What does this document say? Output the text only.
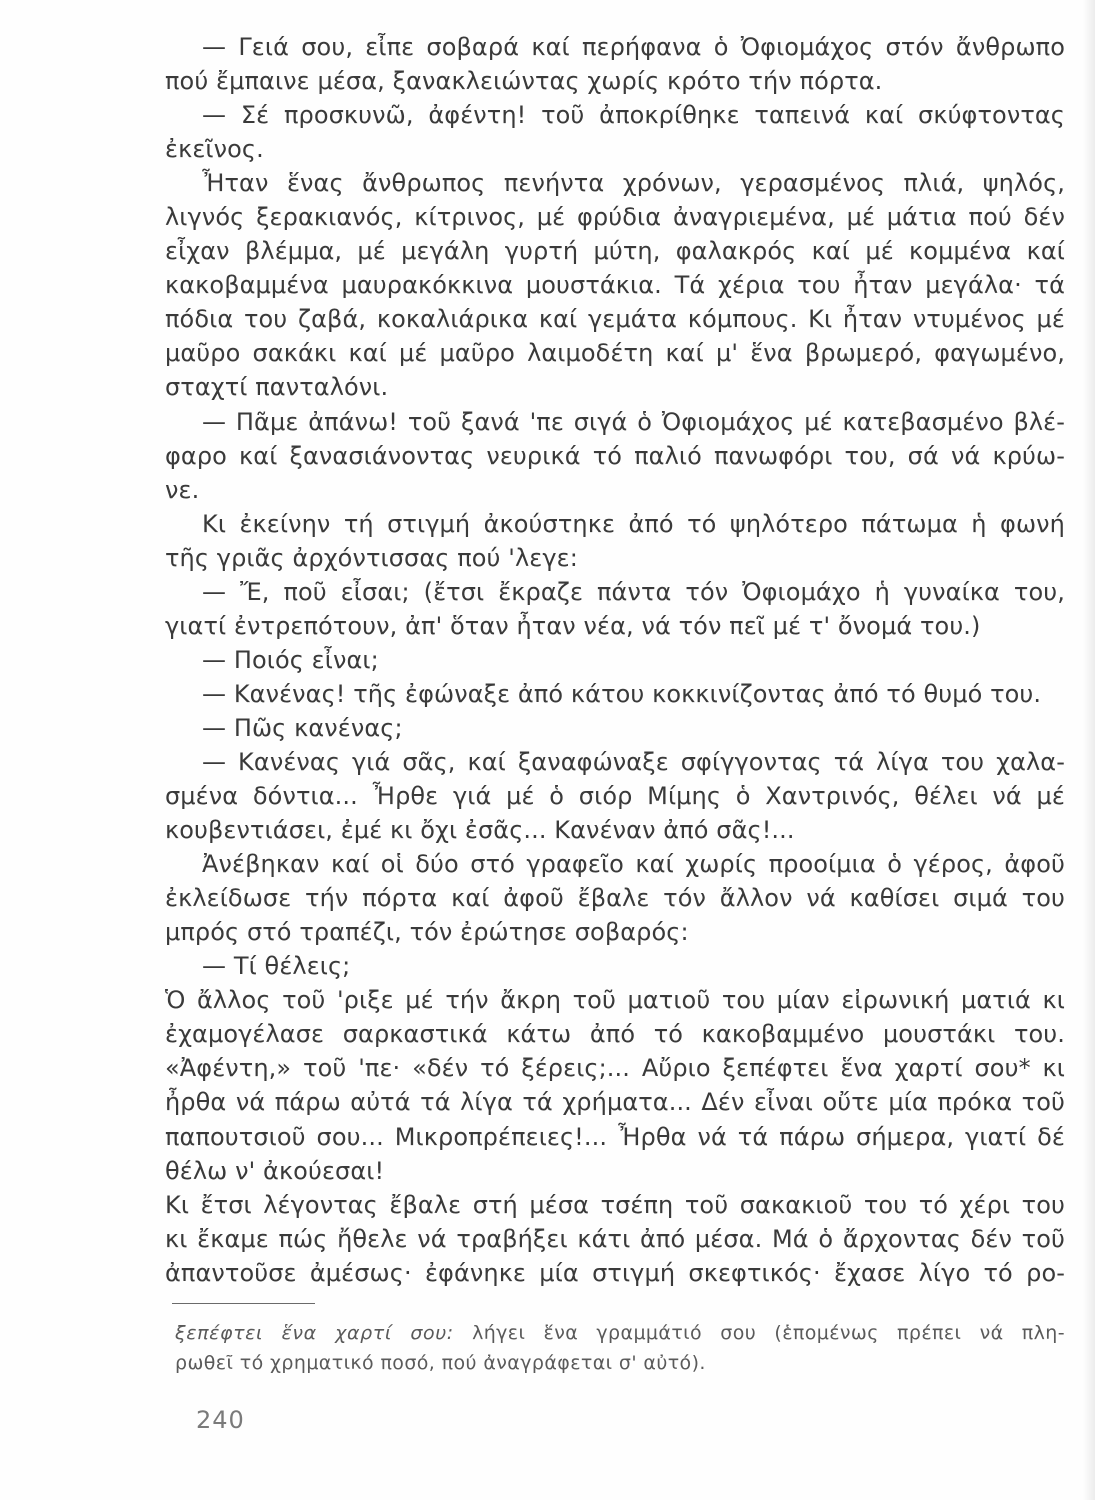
— Γειά σου, εἶπε σοβαρά καί περήφανα ὁ Ὀφιομάχος στόν ἄνθρωπο
πού ἔμπαινε μέσα, ξανακλειώντας χωρίς κρότο τήν πόρτα.
— Σέ προσκυνῶ, ἀφέντη! τοῦ ἀποκρίθηκε ταπεινά καί σκύφτοντας
ἐκεῖνος.
Ἦταν ἕνας ἄνθρωπος πενήντα χρόνων, γερασμένος πλιά, ψηλός,
λιγνός ξερακιανός, κίτρινος, μέ φρύδια ἀναγριεμένα, μέ μάτια πού δέν
εἶχαν βλέμμα, μέ μεγάλη γυρτή μύτη, φαλακρός καί μέ κομμένα καί
κακοβαμμένα μαυρακόκκινα μουστάκια. Τά χέρια του ἦταν μεγάλα· τά
πόδια του ζαβά, κοκαλιάρικα καί γεμάτα κόμπους. Κι ἦταν ντυμένος μέ
μαῦρο σακάκι καί μέ μαῦρο λαιμοδέτη καί μ' ἕνα βρωμερό, φαγωμένο,
σταχτί πανταλόνι.
— Πᾶμε ἀπάνω! τοῦ ξανά 'πε σιγά ὁ Ὀφιομάχος μέ κατεβασμένο βλέ-
φαρο καί ξανασιάνοντας νευρικά τό παλιό πανωφόρι του, σά νά κρύω-
νε.
Κι ἐκείνην τή στιγμή ἀκούστηκε ἀπό τό ψηλότερο πάτωμα ἡ φωνή
τῆς γριᾶς ἀρχόντισσας πού 'λεγε:
— Ἔ, ποῦ εἶσαι; (ἔτσι ἔκραζε πάντα τόν Ὀφιομάχο ἡ γυναίκα του,
γιατί ἐντρεπότουν, ἀπ' ὅταν ἦταν νέα, νά τόν πεῖ μέ τ' ὄνομά του.)
— Ποιός εἶναι;
— Κανένας! τῆς ἐφώναξε ἀπό κάτου κοκκινίζοντας ἀπό τό θυμό του.
— Πῶς κανένας;
— Κανένας γιά σᾶς, καί ξαναφώναξε σφίγγοντας τά λίγα του χαλα-
σμένα δόντια... Ἦρθε γιά μέ ὁ σιόρ Μίμης ὁ Χαντρινός, θέλει νά μέ
κουβεντιάσει, ἐμέ κι ὄχι ἐσᾶς... Κανέναν ἀπό σᾶς!...
Ἀνέβηκαν καί οἱ δύο στό γραφεῖο καί χωρίς προοίμια ὁ γέρος, ἀφοῦ
ἐκλείδωσε τήν πόρτα καί ἀφοῦ ἔβαλε τόν ἄλλον νά καθίσει σιμά του
μπρός στό τραπέζι, τόν ἐρώτησε σοβαρός:
— Τί θέλεις;
Ὁ ἄλλος τοῦ 'ριξε μέ τήν ἄκρη τοῦ ματιοῦ του μίαν εἰρωνική ματιά κι
ἐχαμογέλασε σαρκαστικά κάτω ἀπό τό κακοβαμμένο μουστάκι του.
«Ἀφέντη,» τοῦ 'πε· «δέν τό ξέρεις;... Αὔριο ξεπέφτει ἕνα χαρτί σου* κι
ἦρθα νά πάρω αὐτά τά λίγα τά χρήματα... Δέν εἶναι οὔτε μία πρόκα τοῦ
παπουτσιοῦ σου... Μικροπρέπειες!... Ἦρθα νά τά πάρω σήμερα, γιατί δέ
θέλω ν' ἀκούεσαι!
Κι ἔτσι λέγοντας ἔβαλε στή μέσα τσέπη τοῦ σακακιοῦ του τό χέρι του
κι ἔκαμε πώς ἤθελε νά τραβήξει κάτι ἀπό μέσα. Μά ὁ ἄρχοντας δέν τοῦ
ἀπαντοῦσε ἀμέσως· ἐφάνηκε μία στιγμή σκεφτικός· ἔχασε λίγο τό ρο-
ξεπέφτει ἕνα χαρτί σου: λήγει ἕνα γραμμάτιό σου (ἑπομένως πρέπει νά πλη-
ρωθεῖ τό χρηματικό ποσό, πού ἀναγράφεται σ' αὐτό).
240
